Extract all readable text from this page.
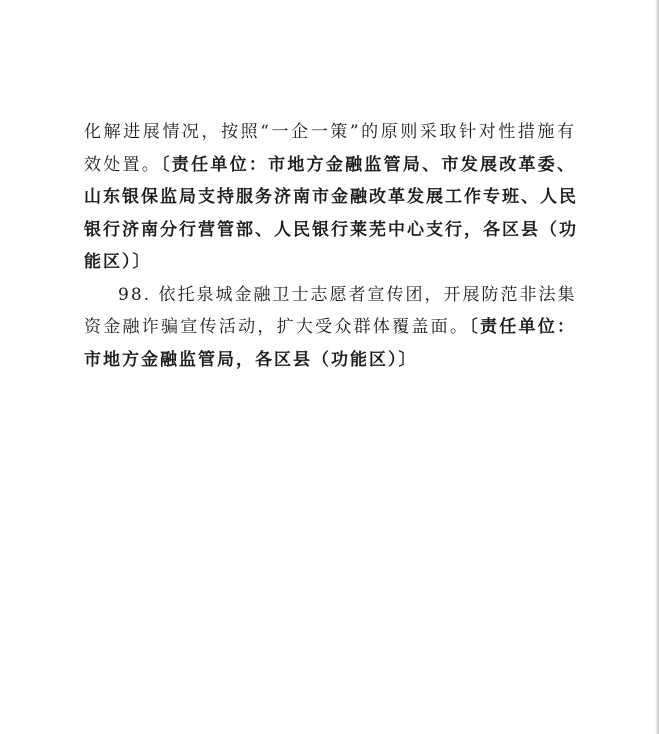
化解进展情况，按照“一企一策”的原则采取针对性措施有
效处置。〔责任单位：市地方金融监管局、市发展改革委、
山东银保监局支持服务济南市金融改革发展工作专班、人民
银行济南分行营管部、人民银行莱芜中心支行，各区县（功
能区）〕
98. 依托泉城金融卫士志愿者宣传团，开展防范非法集
资金融诈骗宣传活动，扩大受众群体覆盖面。〔责任单位：
市地方金融监管局，各区县（功能区）〕
